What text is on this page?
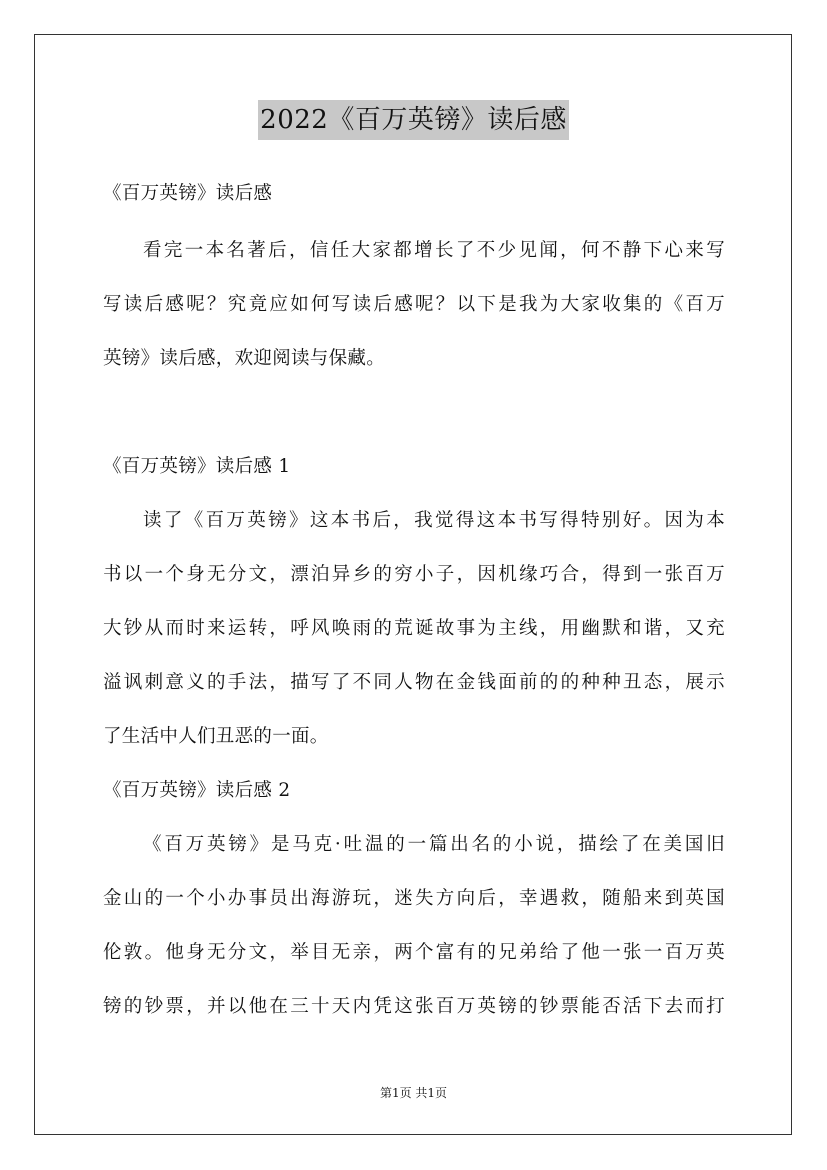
2022《百万英镑》读后感
《百万英镑》读后感
看完一本名著后，信任大家都增长了不少见闻，何不静下心来写
写读后感呢？究竟应如何写读后感呢？以下是我为大家收集的《百万
英镑》读后感，欢迎阅读与保藏。
《百万英镑》读后感 1
读了《百万英镑》这本书后，我觉得这本书写得特别好。因为本
书以一个身无分文，漂泊异乡的穷小子，因机缘巧合，得到一张百万
大钞从而时来运转，呼风唤雨的荒诞故事为主线，用幽默和谐，又充
溢讽刺意义的手法，描写了不同人物在金钱面前的的种种丑态，展示
了生活中人们丑恶的一面。
《百万英镑》读后感 2
《百万英镑》是马克·吐温的一篇出名的小说，描绘了在美国旧
金山的一个小办事员出海游玩，迷失方向后，幸遇救，随船来到英国
伦敦。他身无分文，举目无亲，两个富有的兄弟给了他一张一百万英
镑的钞票，并以他在三十天内凭这张百万英镑的钞票能否活下去而打
第1页 共1页
